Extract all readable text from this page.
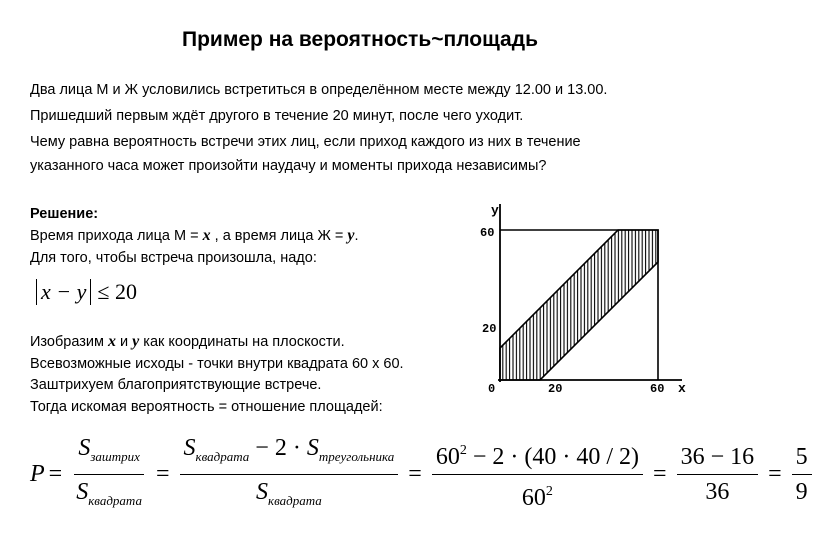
Пример на вероятность~площадь
Два лица М и Ж условились встретиться в определённом месте между 12.00 и 13.00.
Пришедший первым ждёт другого в течение 20 минут, после чего уходит.
Чему равна вероятность встречи этих лиц, если приход каждого из них в течение
указанного часа может произойти наудачу и моменты прихода независимы?
Решение:
Время прихода лица М = x , а время лица Ж = y.
Для того, чтобы встреча произошла, надо:
x − y ≤ 20
Изобразим x и y как координаты на плоскости.
Всевозможные исходы - точки внутри квадрата 60 х 60.
Заштрихуем благоприятствующие встрече.
Тогда искомая вероятность = отношение площадей:
y
60
20
0	20	60 x
$P = \frac{S_{заштрих}}{S_{квадрата}} = \frac{S_{квадрата} - 2 \cdot S_{треугольника}}{S_{квадрата}} = \frac{60^2 - 2 \cdot (40 \cdot 40 / 2)}{60^2} = \frac{36 - 16}{36} = \frac{5}{9}$
